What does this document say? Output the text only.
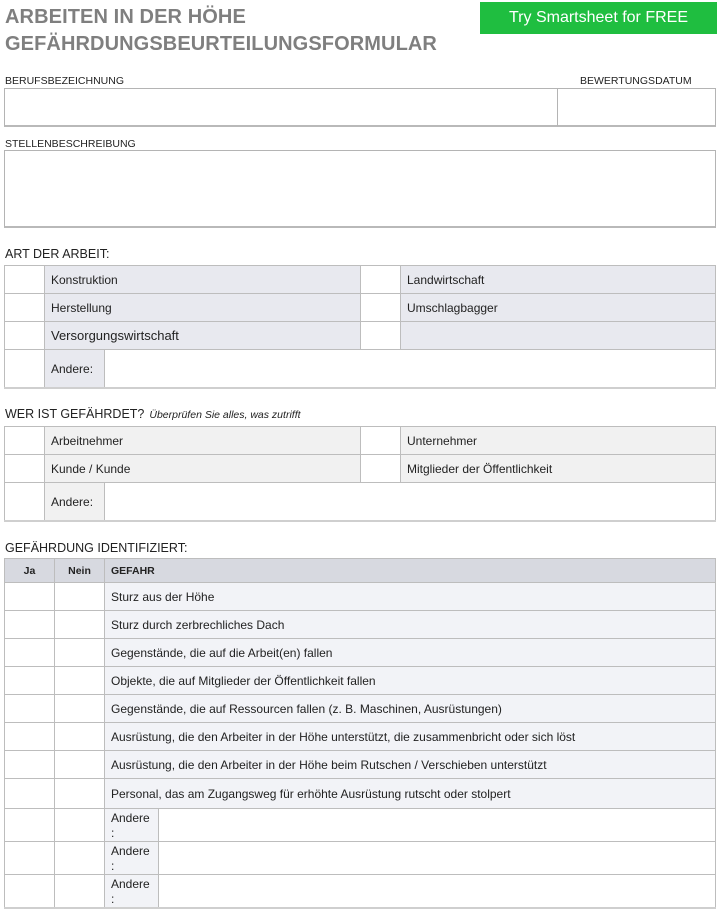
ARBEITEN IN DER HÖHE
GEFÄHRDUNGSBEURTEILUNGSFORMULAR
Try Smartsheet for FREE
BERUFSBEZEICHNUNG	BEWERTUNGSDATUM
STELLENBESCHREIBUNG
ART DER ARBEIT:
Konstruktion	Landwirtschaft
Herstellung	Umschlagbagger
Versorgungswirtschaft
Andere:
WER IST GEFÄHRDET? Überprüfen Sie alles, was zutrifft
Arbeitnehmer	Unternehmer
Kunde / Kunde	Mitglieder der Öffentlichkeit
Andere:
GEFÄHRDUNG IDENTIFIZIERT:
Ja	Nein	GEFAHR
Sturz aus der Höhe
Sturz durch zerbrechliches Dach
Gegenstände, die auf die Arbeit(en) fallen
Objekte, die auf Mitglieder der Öffentlichkeit fallen
Gegenstände, die auf Ressourcen fallen (z. B. Maschinen, Ausrüstungen)
Ausrüstung, die den Arbeiter in der Höhe unterstützt, die zusammenbricht oder sich löst
Ausrüstung, die den Arbeiter in der Höhe beim Rutschen / Verschieben unterstützt
Personal, das am Zugangsweg für erhöhte Ausrüstung rutscht oder stolpert
Andere
:
Andere
:
Andere
:
